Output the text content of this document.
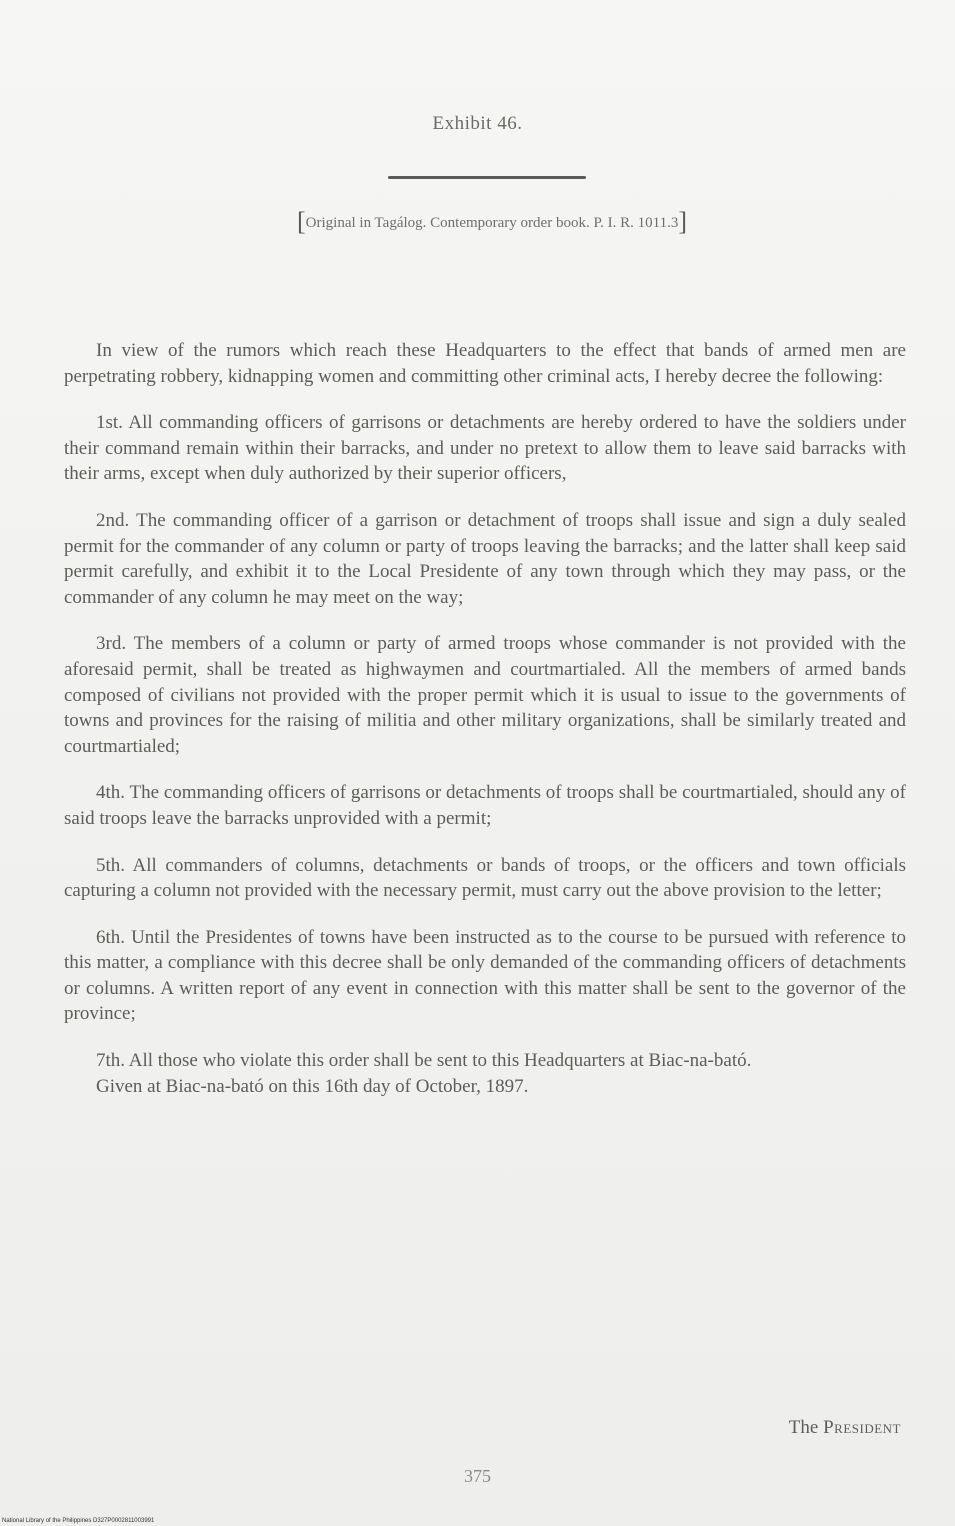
Exhibit 46.
[Original in Tagálog. Contemporary order book. P. I. R. 1011.3]

In view of the rumors which reach these Headquarters to the effect that bands of armed men are perpetrating robbery, kidnapping women and committing other criminal acts, I hereby decree the following:

1st. All commanding officers of garrisons or detachments are hereby ordered to have the soldiers under their command remain within their barracks, and under no pretext to allow them to leave said barracks with their arms, except when duly authorized by their superior officers,

2nd. The commanding officer of a garrison or detachment of troops shall issue and sign a duly sealed permit for the commander of any column or party of troops leaving the barracks; and the latter shall keep said permit carefully, and exhibit it to the Local Presidente of any town through which they may pass, or the commander of any column he may meet on the way;

3rd. The members of a column or party of armed troops whose commander is not provided with the aforesaid permit, shall be treated as highwaymen and courtmartialed. All the members of armed bands composed of civilians not provided with the proper permit which it is usual to issue to the governments of towns and provinces for the raising of militia and other military organizations, shall be similarly treated and courtmartialed;

4th. The commanding officers of garrisons or detachments of troops shall be courtmartialed, should any of said troops leave the barracks unprovided with a permit;

5th. All commanders of columns, detachments or bands of troops, or the officers and town officials capturing a column not provided with the necessary permit, must carry out the above provision to the letter;

6th. Until the Presidentes of towns have been instructed as to the course to be pursued with reference to this matter, a compliance with this decree shall be only demanded of the commanding officers of detachments or columns. A written report of any event in connection with this matter shall be sent to the governor of the province;

7th. All those who violate this order shall be sent to this Headquarters at Biac-na-bató.

Given at Biac-na-bató on this 16th day of October, 1897.

The President
375
National Library of the Philippines D327P0002811003991
